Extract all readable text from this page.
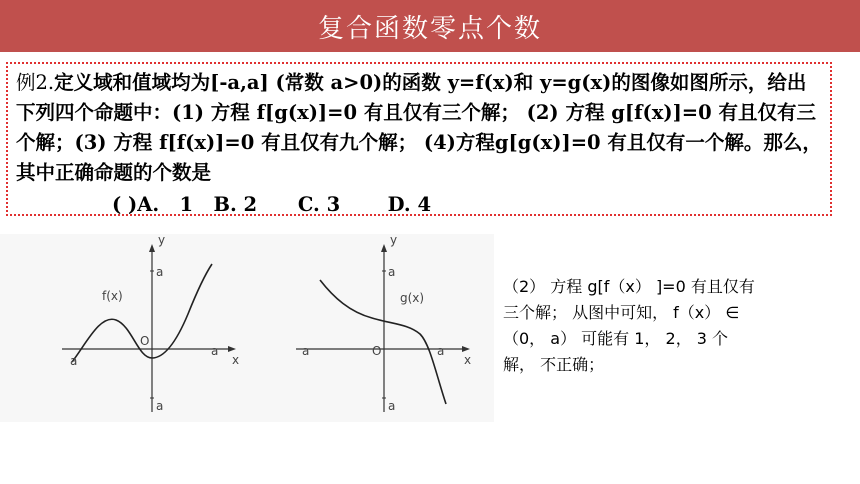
复合函数零点个数

例2.定义域和值域均为[-a,a] (常数 a>0)的函数 y=f(x)和 y=g(x)的图像如图所示，给出下列四个命题中：(1) 方程 f[g(x)]=0 有且仅有三个解； (2) 方程 g[f(x)]=0 有且仅有三个解；(3) 方程 f[f(x)]=0 有且仅有九个解； (4)方程g[g(x)]=0 有且仅有一个解。那么， 其中正确命题的个数是

( )A.   1   B. 2      C. 3       D. 4
y
x
O
a
a
a
a
f(x)
y
x
O
a
a
a	a
g(x)
（2） 方程 g[f（x） ]=0 有且仅有
三个解； 从图中可知， f（x） ∈
（0， a） 可能有 1， 2， 3 个
解， 不正确；
